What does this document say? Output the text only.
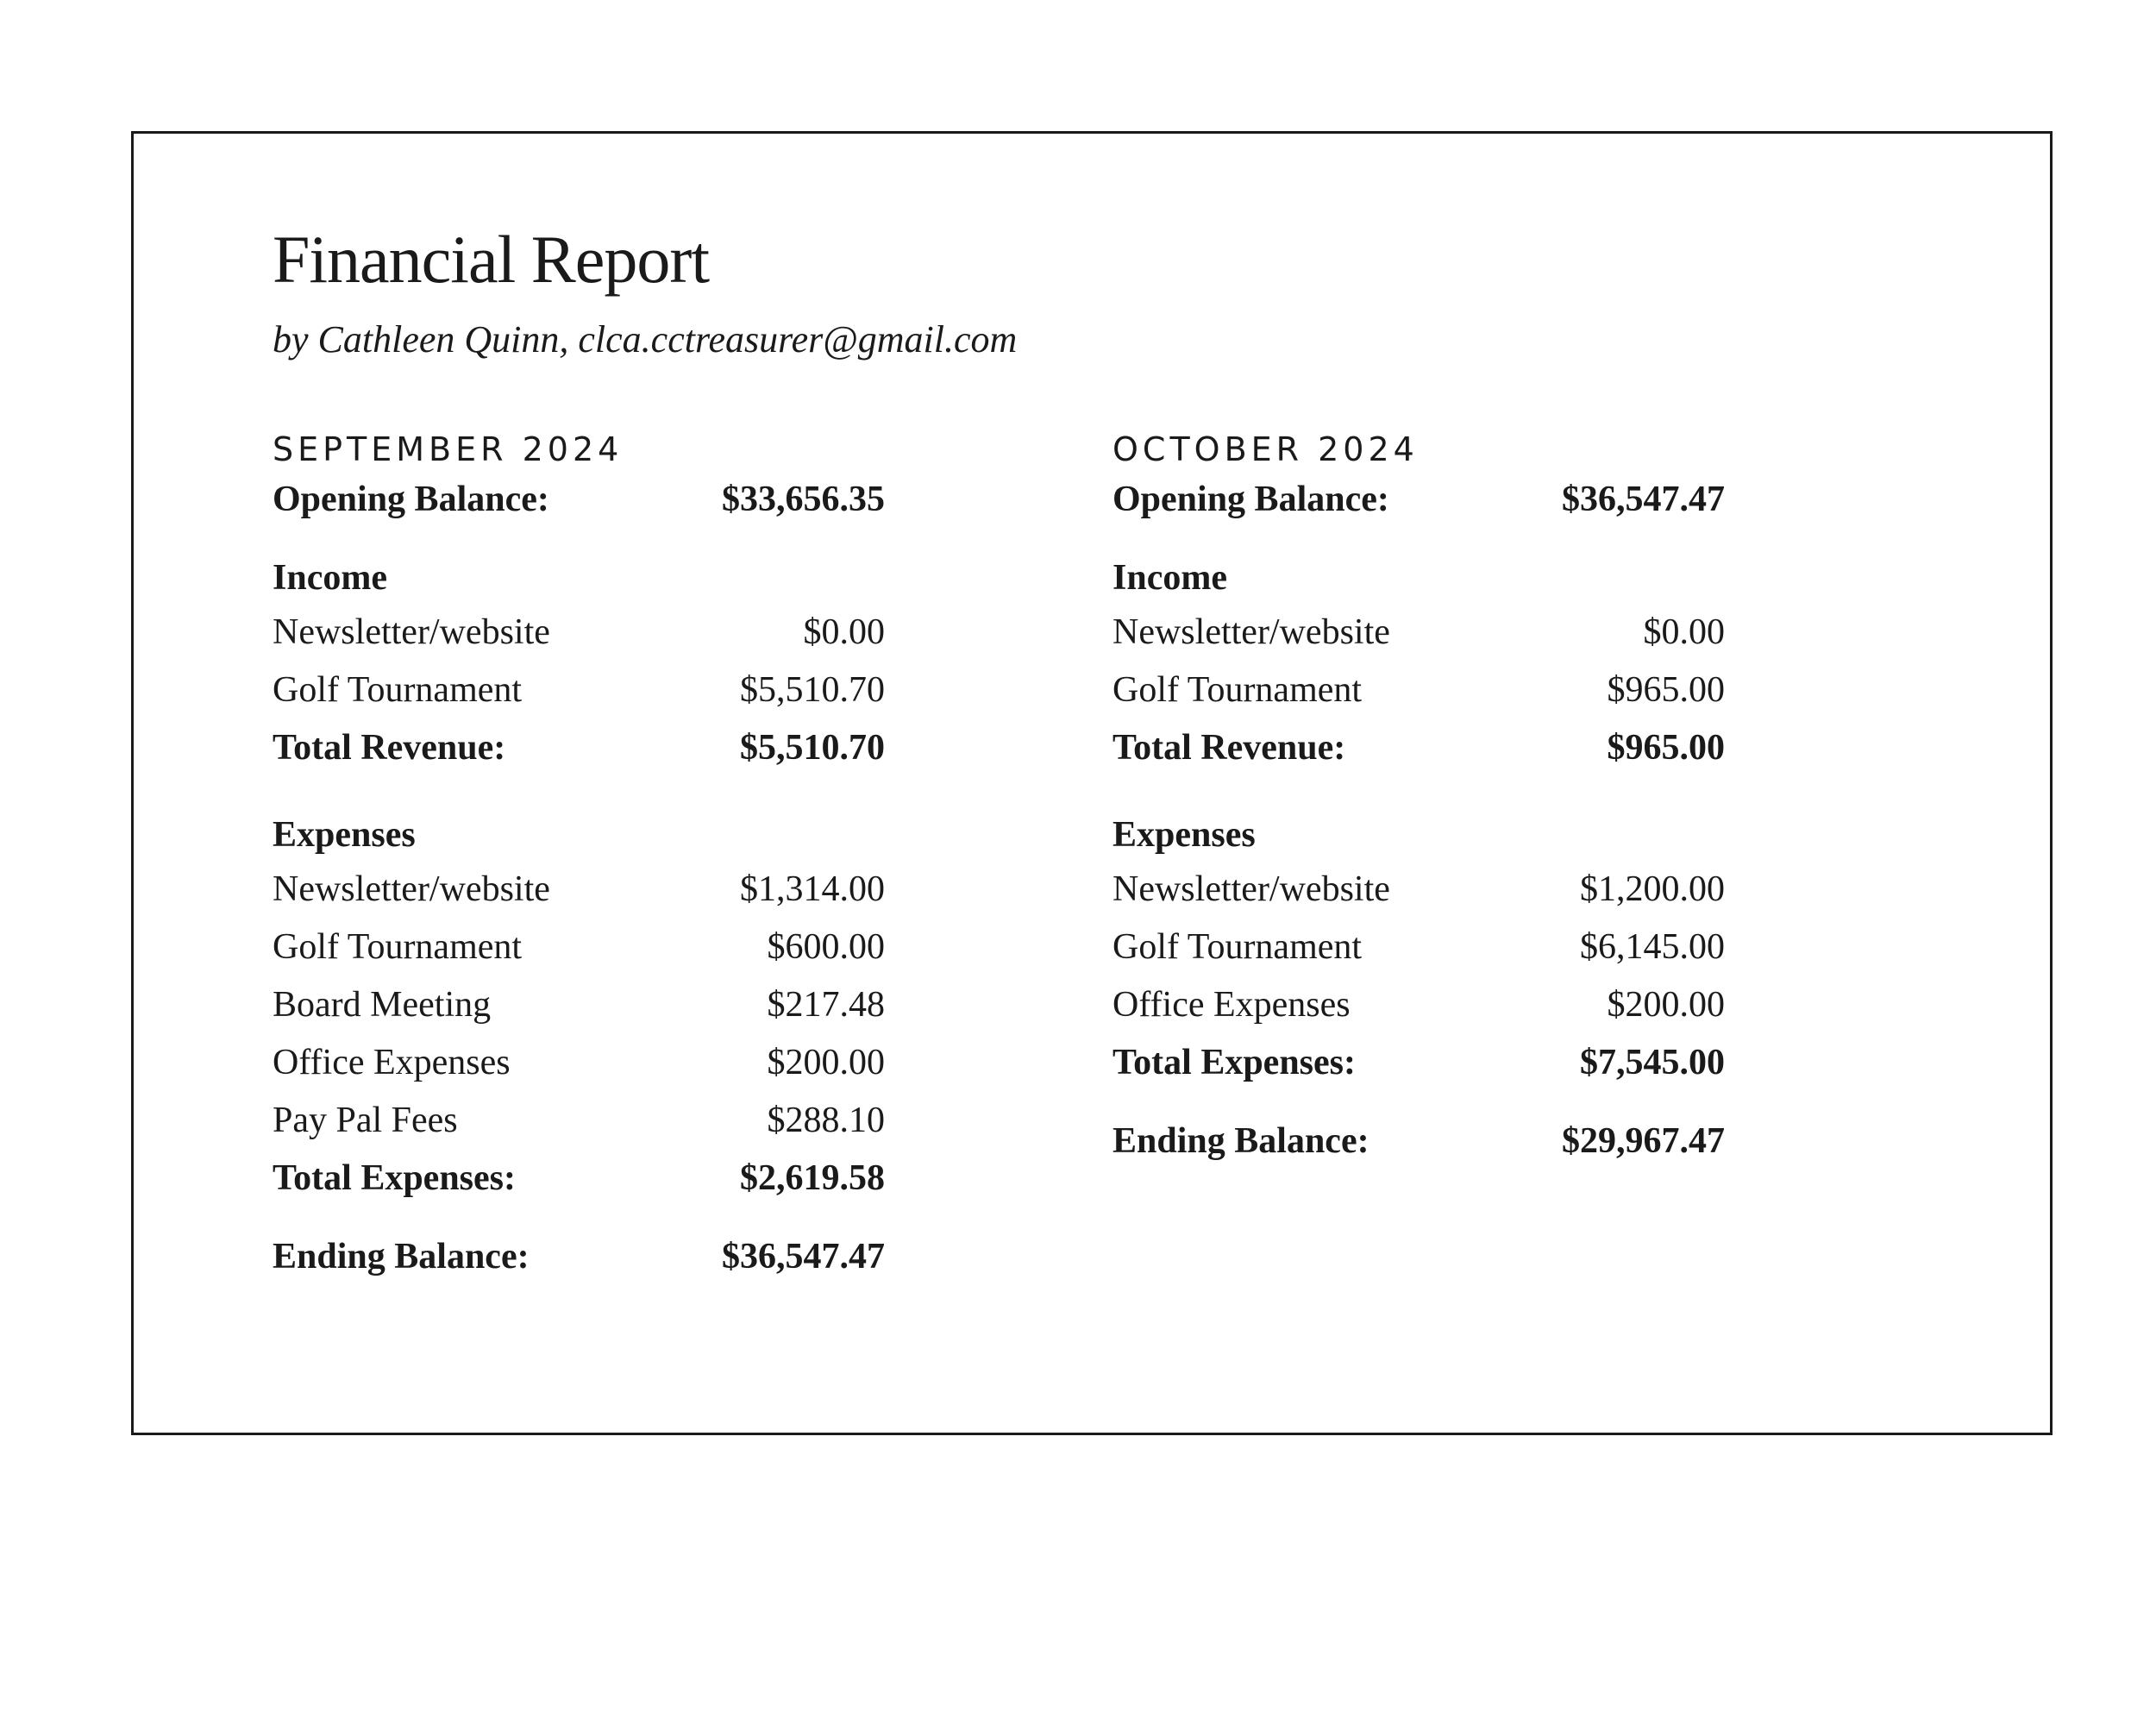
Financial Report
by Cathleen Quinn, clca.cctreasurer@gmail.com
SEPTEMBER 2024
Opening Balance:	$33,656.35
Income
Newsletter/website	$0.00
Golf Tournament	$5,510.70
Total Revenue:	$5,510.70
Expenses
Newsletter/website	$1,314.00
Golf Tournament	$600.00
Board Meeting	$217.48
Office Expenses	$200.00
Pay Pal Fees	$288.10
Total Expenses:	$2,619.58
Ending Balance:	$36,547.47
OCTOBER 2024
Opening Balance:	$36,547.47
Income
Newsletter/website	$0.00
Golf Tournament	$965.00
Total Revenue:	$965.00
Expenses
Newsletter/website	$1,200.00
Golf Tournament	$6,145.00
Office Expenses	$200.00
Total Expenses:	$7,545.00
Ending Balance:	$29,967.47
